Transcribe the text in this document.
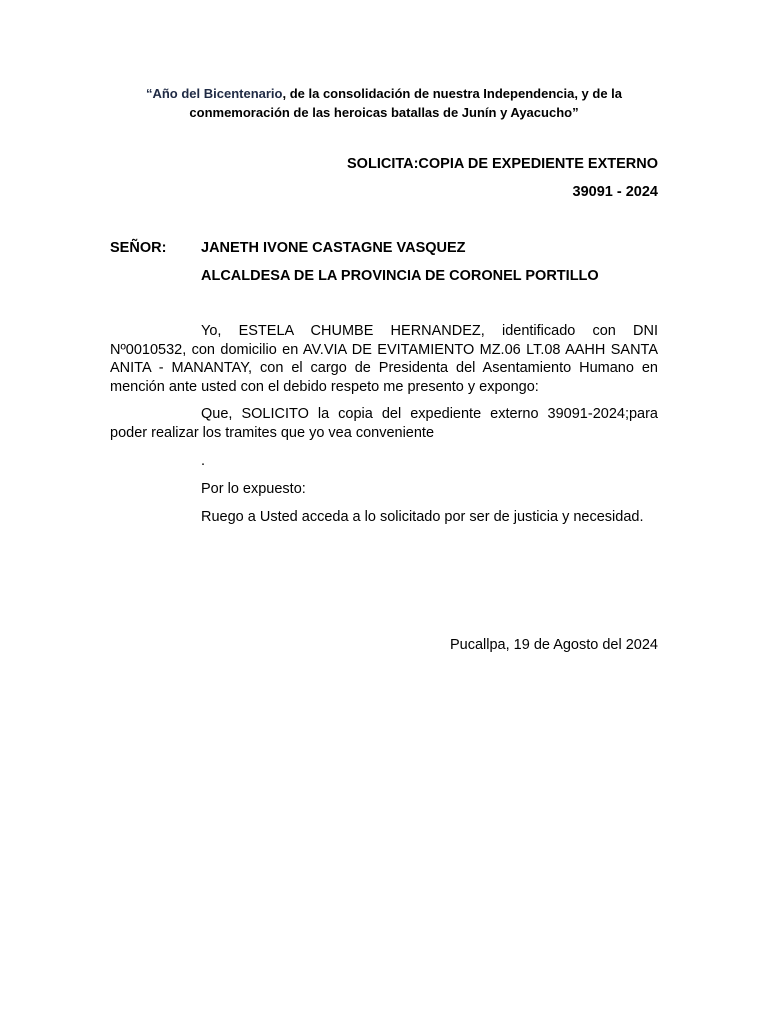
“Año del Bicentenario, de la consolidación de nuestra Independencia, y de la conmemoración de las heroicas batallas de Junín y Ayacucho”
SOLICITA:COPIA DE EXPEDIENTE EXTERNO
39091 - 2024
SEÑOR: JANETH IVONE CASTAGNE VASQUEZ
ALCALDESA DE LA PROVINCIA DE CORONEL PORTILLO

Yo, ESTELA CHUMBE HERNANDEZ, identificado con DNI Nº0010532, con domicilio en AV.VIA DE EVITAMIENTO MZ.06 LT.08 AAHH SANTA ANITA - MANANTAY, con el cargo de Presidenta del Asentamiento Humano en mención ante usted con el debido respeto me presento y expongo:

Que, SOLICITO la copia del expediente externo 39091-2024;para poder realizar los tramites que yo vea conveniente

.

Por lo expuesto:

Ruego a Usted acceda a lo solicitado por ser de justicia y necesidad.

Pucallpa, 19 de Agosto del 2024
